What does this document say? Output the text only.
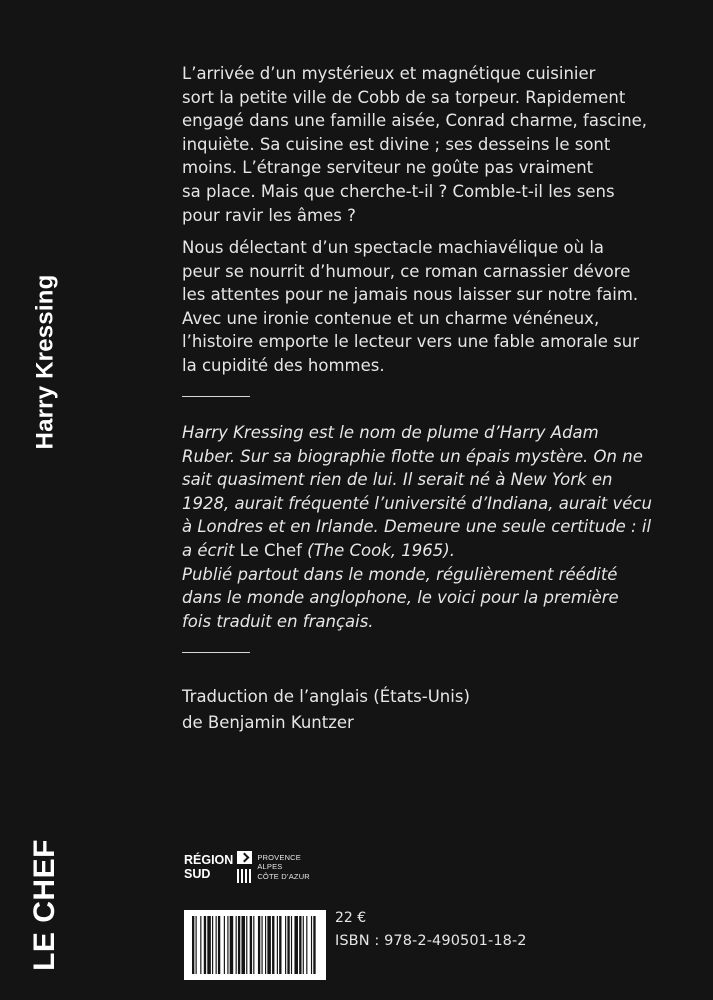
Harry Kressing
LE CHEF
L’arrivée d’un mystérieux et magnétique cuisinier
sort la petite ville de Cobb de sa torpeur. Rapidement
engagé dans une famille aisée, Conrad charme, fascine,
inquiète. Sa cuisine est divine ; ses desseins le sont
moins. L’étrange serviteur ne goûte pas vraiment
sa place. Mais que cherche-t-il ? Comble-t-il les sens
pour ravir les âmes ?
Nous délectant d’un spectacle machiavélique où la
peur se nourrit d’humour, ce roman carnassier dévore
les attentes pour ne jamais nous laisser sur notre faim.
Avec une ironie contenue et un charme vénéneux,
l’histoire emporte le lecteur vers une fable amorale sur
la cupidité des hommes.
Harry Kressing est le nom de plume d’Harry Adam
Ruber. Sur sa biographie flotte un épais mystère. On ne
sait quasiment rien de lui. Il serait né à New York en
1928, aurait fréquenté l’université d’Indiana, aurait vécu
à Londres et en Irlande. Demeure une seule certitude : il
a écrit Le Chef (The Cook, 1965).
Publié partout dans le monde, régulièrement réédité
dans le monde anglophone, le voici pour la première
fois traduit en français.
Traduction de l’anglais (États-Unis)
de Benjamin Kuntzer
RÉGION
SUD
PROVENCE
ALPES
CÔTE D’AZUR
22 €
ISBN : 978-2-490501-18-2
